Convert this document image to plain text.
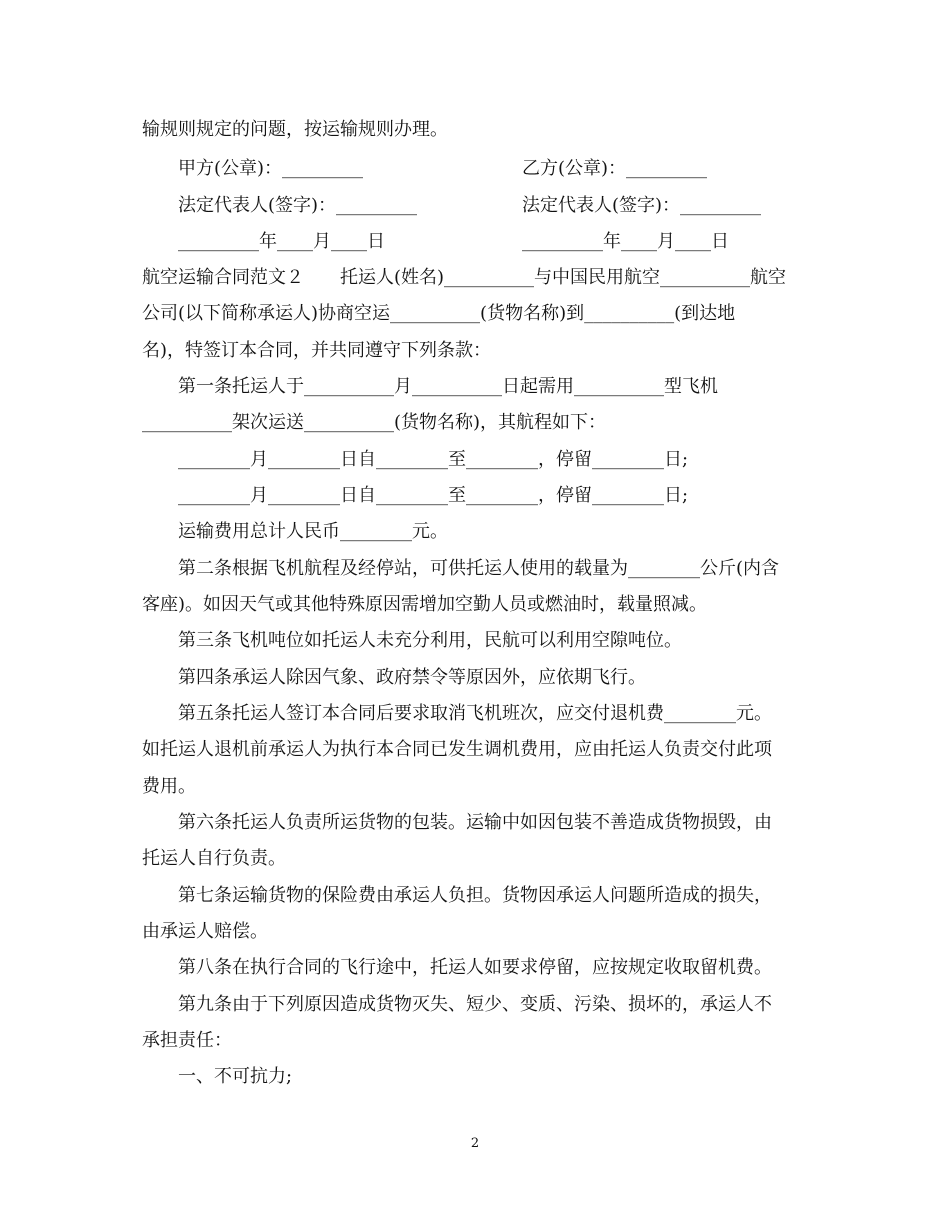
输规则规定的问题，按运输规则办理。
甲方(公章)：_________	乙方(公章)：_________
法定代表人(签字)：_________	法定代表人(签字)：_________
_________年____月____日	_________年____月____日
航空运输合同范文２　　托运人(姓名)__________与中国民用航空__________航空
公司(以下简称承运人)协商空运__________(货物名称)到__________(到达地
名)，特签订本合同，并共同遵守下列条款：
第一条托运人于__________月__________日起需用__________型飞机
__________架次运送__________(货物名称)，其航程如下：
________月________日自________至________，停留________日;
________月________日自________至________，停留________日;
运输费用总计人民币________元。
第二条根据飞机航程及经停站，可供托运人使用的载量为________公斤(内含
客座)。如因天气或其他特殊原因需增加空勤人员或燃油时，载量照减。
第三条飞机吨位如托运人未充分利用，民航可以利用空隙吨位。
第四条承运人除因气象、政府禁令等原因外，应依期飞行。
第五条托运人签订本合同后要求取消飞机班次，应交付退机费________元。
如托运人退机前承运人为执行本合同已发生调机费用，应由托运人负责交付此项
费用。
第六条托运人负责所运货物的包装。运输中如因包装不善造成货物损毁，由
托运人自行负责。
第七条运输货物的保险费由承运人负担。货物因承运人问题所造成的损失，
由承运人赔偿。
第八条在执行合同的飞行途中，托运人如要求停留，应按规定收取留机费。
第九条由于下列原因造成货物灭失、短少、变质、污染、损坏的，承运人不
承担责任：
一、不可抗力;
2
